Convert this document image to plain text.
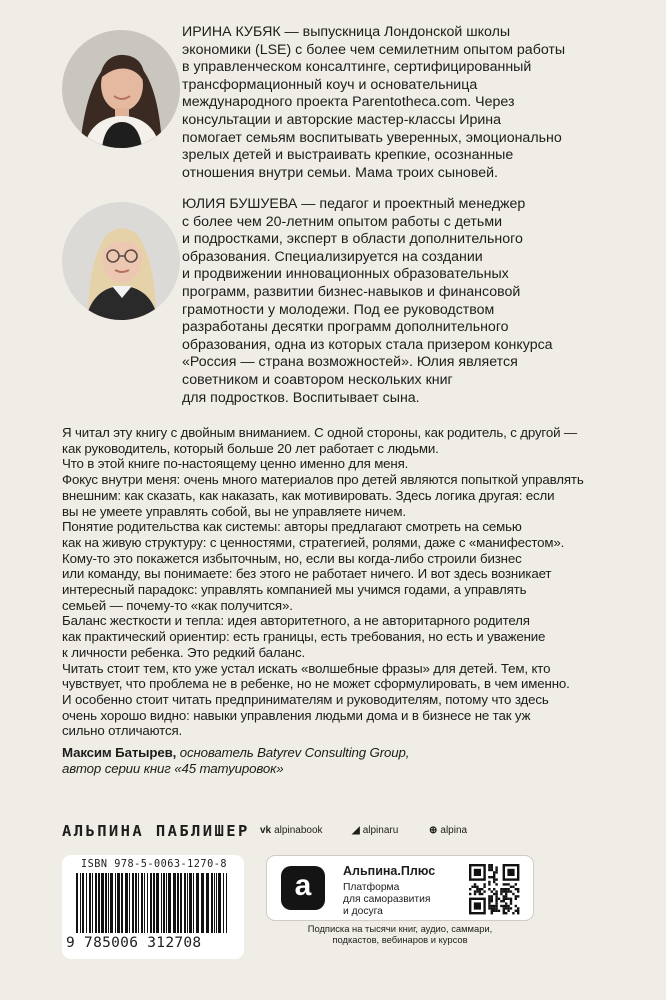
ИРИНА КУБЯК — выпускница Лондонской школы
экономики (LSE) с более чем семилетним опытом работы
в управленческом консалтинге, сертифицированный
трансформационный коуч и основательница
международного проекта Parentotheca.com. Через
консультации и авторские мастер-классы Ирина
помогает семьям воспитывать уверенных, эмоционально
зрелых детей и выстраивать крепкие, осознанные
отношения внутри семьи. Мама троих сыновей.
ЮЛИЯ БУШУЕВА — педагог и проектный менеджер
с более чем 20-летним опытом работы с детьми
и подростками, эксперт в области дополнительного
образования. Специализируется на создании
и продвижении инновационных образовательных
программ, развитии бизнес-навыков и финансовой
грамотности у молодежи. Под ее руководством
разработаны десятки программ дополнительного
образования, одна из которых стала призером конкурса
«Россия — страна возможностей». Юлия является
советником и соавтором нескольких книг
для подростков. Воспитывает сына.

Я читал эту книгу с двойным вниманием. С одной стороны, как родитель, с другой —

как руководитель, который больше 20 лет работает с людьми.

Что в этой книге по-настоящему ценно именно для меня.

Фокус внутри меня: очень много материалов про детей являются попыткой управлять

внешним: как сказать, как наказать, как мотивировать. Здесь логика другая: если

вы не умеете управлять собой, вы не управляете ничем.

Понятие родительства как системы: авторы предлагают смотреть на семью

как на живую структуру: с ценностями, стратегией, ролями, даже с «манифестом».

Кому-то это покажется избыточным, но, если вы когда-либо строили бизнес

или команду, вы понимаете: без этого не работает ничего. И вот здесь возникает

интересный парадокс: управлять компанией мы учимся годами, а управлять

семьей — почему-то «как получится».

Баланс жесткости и тепла: идея авторитетного, а не авторитарного родителя

как практический ориентир: есть границы, есть требования, но есть и уважение

к личности ребенка. Это редкий баланс.

Читать стоит тем, кто уже устал искать «волшебные фразы» для детей. Тем, кто

чувствует, что проблема не в ребенке, но не может сформулировать, в чем именно.

И особенно стоит читать предпринимателям и руководителям, потому что здесь

очень хорошо видно: навыки управления людьми дома и в бизнесе не так уж

сильно отличаются.

Максим Батырев, основатель Batyrev Consulting Group,
автор серии книг «45 татуировок»
АЛЬПИНА ПАБЛИШЕР vk alpinabook	◢ alpinaru	⊕ alpina
ISBN 978-5-0063-1270-8
9 785006 312708
a	Альпина.Плюс
Платформа
для саморазвития
и досуга
Подписка на тысячи книг, аудио, саммари,
подкастов, вебинаров и курсов
